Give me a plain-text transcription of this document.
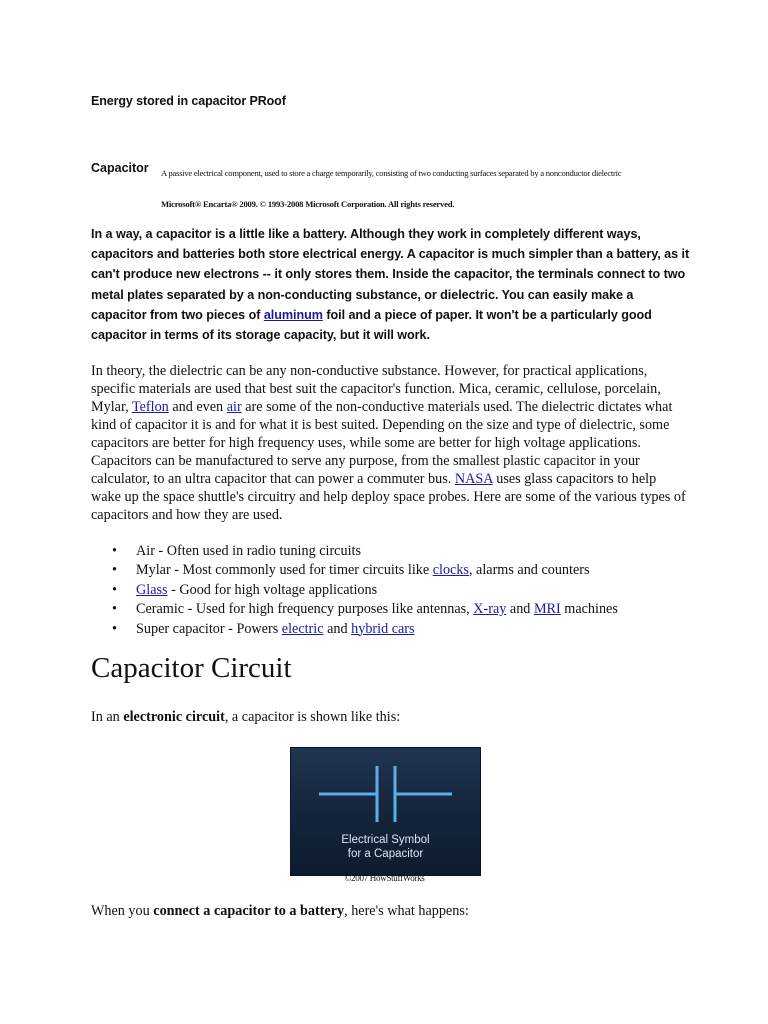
Energy stored in capacitor PRoof
Capacitor A passive electrical component, used to store a charge temporarily, consisting of two conducting surfaces separated by a nonconductor dielectric
Microsoft® Encarta® 2009. © 1993-2008 Microsoft Corporation. All rights reserved.
In a way, a capacitor is a little like a battery. Although they work in completely different ways, capacitors and batteries both store electrical energy. A capacitor is much simpler than a battery, as it can't produce new electrons -- it only stores them. Inside the capacitor, the terminals connect to two metal plates separated by a non-conducting substance, or dielectric. You can easily make a capacitor from two pieces of aluminum foil and a piece of paper. It won't be a particularly good capacitor in terms of its storage capacity, but it will work.
In theory, the dielectric can be any non-conductive substance. However, for practical applications, specific materials are used that best suit the capacitor's function. Mica, ceramic, cellulose, porcelain, Mylar, Teflon and even air are some of the non-conductive materials used. The dielectric dictates what kind of capacitor it is and for what it is best suited. Depending on the size and type of dielectric, some capacitors are better for high frequency uses, while some are better for high voltage applications. Capacitors can be manufactured to serve any purpose, from the smallest plastic capacitor in your calculator, to an ultra capacitor that can power a commuter bus. NASA uses glass capacitors to help wake up the space shuttle's circuitry and help deploy space probes. Here are some of the various types of capacitors and how they are used.
• Air - Often used in radio tuning circuits
• Mylar - Most commonly used for timer circuits like clocks, alarms and counters
• Glass - Good for high voltage applications
• Ceramic - Used for high frequency purposes like antennas, X-ray and MRI machines
• Super capacitor - Powers electric and hybrid cars
Capacitor Circuit
In an electronic circuit, a capacitor is shown like this:
Electrical Symbol
for a Capacitor
©2007 HowStuffWorks
When you connect a capacitor to a battery, here's what happens:
